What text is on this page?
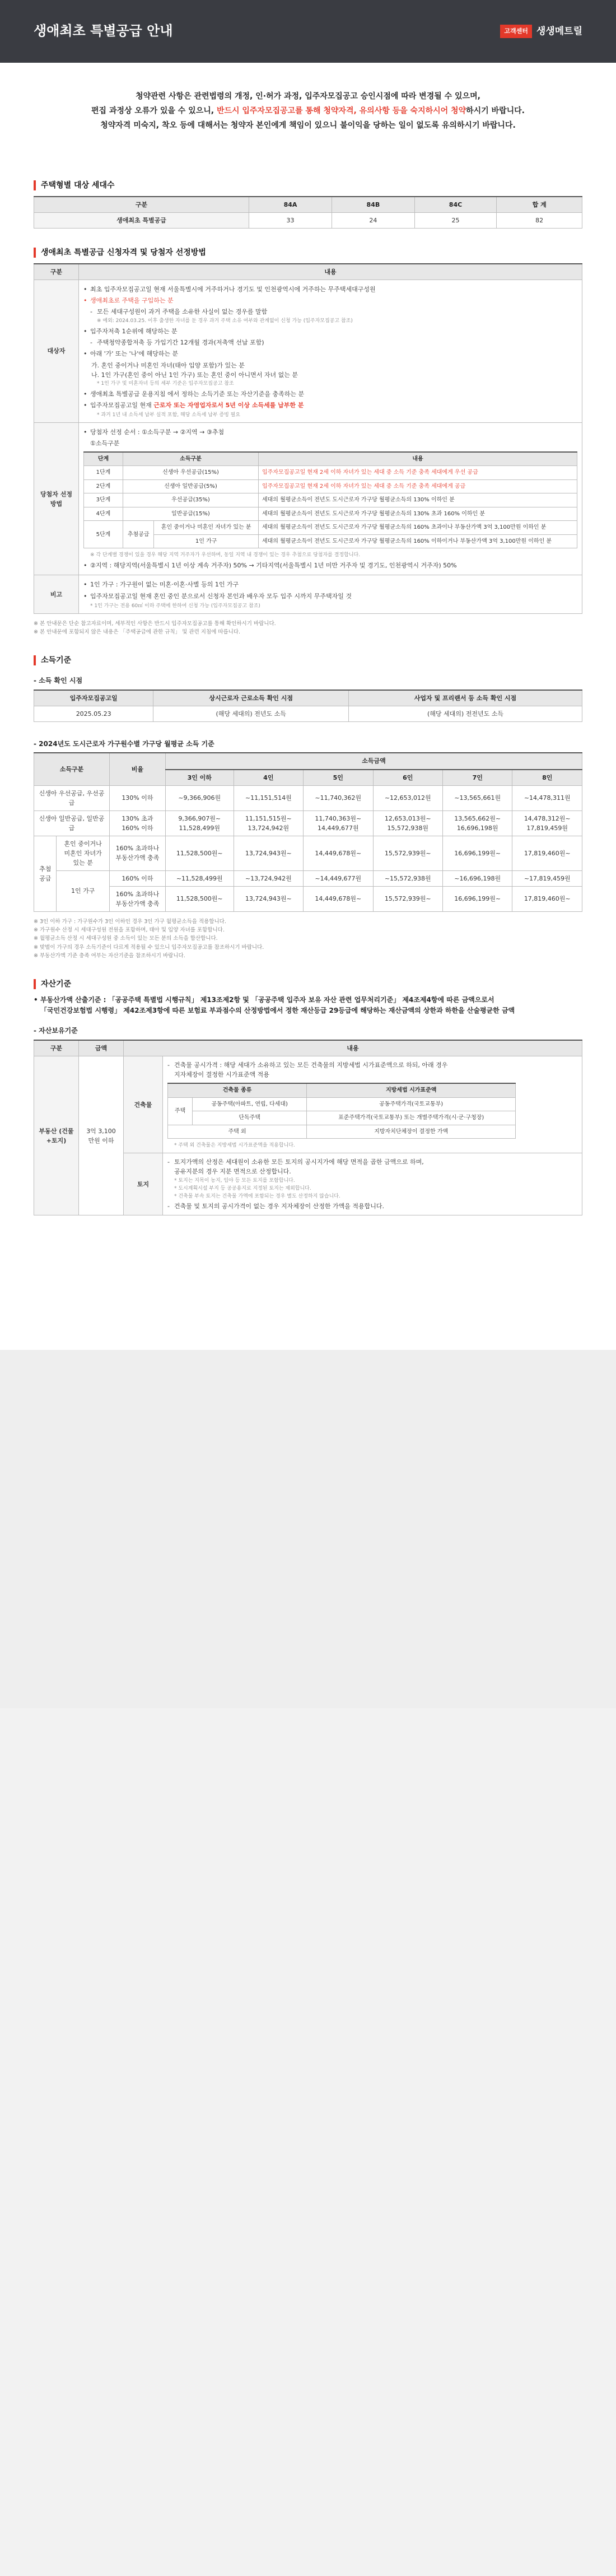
생애최초 특별공급 안내	고객센터 생생메트릴

청약관련 사항은 관련법령의 개정, 인·허가 과정, 입주자모집공고 승인시점에 따라 변경될 수 있으며,

편집 과정상 오류가 있을 수 있으니, 반드시 입주자모집공고를 통해 청약자격, 유의사항 등을 숙지하시어 청약하시기 바랍니다.

청약자격 미숙지, 착오 등에 대해서는 청약자 본인에게 책임이 있으니 불이익을 당하는 일이 없도록 유의하시기 바랍니다.

주택형별 대상 세대수
구분	84A	84B	84C	합 계
생애최초 특별공급	33	24	25	82
생애최초 특별공급 신청자격 및 당첨자 선정방법
구분	내용
대상자	
• 최초 입주자모집공고일 현재 서울특별시에 거주하거나 경기도 및 인천광역시에 거주하는 무주택세대구성원
• 생애최초로 주택을 구입하는 분
- 모든 세대구성원이 과거 주택을 소유한 사실이 없는 경우를 말함

※ 예외: 2024.03.25. 이후 출생한 자녀를 둔 경우 과거 주택 소유 여부와 관계없이 신청 가능 (입주자모집공고 참조)

• 입주자저축 1순위에 해당하는 분
- 주택청약종합저축 등 가입기간 12개월 경과(저축액 선납 포함)
• 아래 '가' 또는 '나'에 해당하는 분

가. 혼인 중이거나 미혼인 자녀(태아 입양 포함)가 있는 분

나. 1인 가구(혼인 중이 아닌 1인 가구) 또는 혼인 중이 아니면서 자녀 없는 분

* 1인 가구 및 미혼자녀 등의 세부 기준은 입주자모집공고 참조

• 생애최초 특별공급 운용지침 에서 정하는 소득기준 또는 자산기준을 충족하는 분
• 입주자모집공고일 현재 근로자 또는 자영업자로서 5년 이상 소득세를 납부한 분

* 과거 1년 내 소득세 납부 실적 포함, 해당 소득세 납부 증빙 필요

당첨자 선정방법	
• 당첨자 선정 순서 : ①소득구분 → ②지역 → ③추첨

①소득구분

단계	소득구분	내용
1단계	신생아 우선공급(15%)	입주자모집공고일 현재 2세 이하 자녀가 있는 세대 중 소득 기준 충족 세대에게 우선 공급
2단계	신생아 일반공급(5%)	입주자모집공고일 현재 2세 이하 자녀가 있는 세대 중 소득 기준 충족 세대에게 공급
3단계	우선공급(35%)	세대의 월평균소득이 전년도 도시근로자 가구당 월평균소득의 130% 이하인 분
4단계	일반공급(15%)	세대의 월평균소득이 전년도 도시근로자 가구당 월평균소득의 130% 초과 160% 이하인 분
5단계	추첨공급	혼인 중이거나 미혼인 자녀가 있는 분	세대의 월평균소득이 전년도 도시근로자 가구당 월평균소득의 160% 초과이나 부동산가액 3억 3,100만원 이하인 분
1인 가구	세대의 월평균소득이 전년도 도시근로자 가구당 월평균소득의 160% 이하이거나 부동산가액 3억 3,100만원 이하인 분

※ 각 단계별 경쟁이 있을 경우 해당 지역 거주자가 우선하며, 동일 지역 내 경쟁이 있는 경우 추첨으로 당첨자를 결정합니다.

• ②지역 : 해당지역(서울특별시 1년 이상 계속 거주자) 50% → 기타지역(서울특별시 1년 미만 거주자 및 경기도, 인천광역시 거주자) 50%

비고	
• 1인 가구 : 가구원이 없는 미혼·이혼·사별 등의 1인 가구
• 입주자모집공고일 현재 혼인 중인 분으로서 신청자 본인과 배우자 모두 입주 시까지 무주택자일 것

* 1인 가구는 전용 60㎡ 이하 주택에 한하여 신청 가능 (입주자모집공고 참조)

※ 본 안내문은 단순 참고자료이며, 세부적인 사항은 반드시 입주자모집공고를 통해 확인하시기 바랍니다.

※ 본 안내문에 포함되지 않은 내용은 「주택공급에 관한 규칙」 및 관련 지침에 따릅니다.

소득기준
- 소득 확인 시점
입주자모집공고일	상시근로자 근로소득 확인 시점	사업자 및 프리랜서 등 소득 확인 시점
2025.05.23	(해당 세대의) 전년도 소득	(해당 세대의) 전전년도 소득
- 2024년도 도시근로자 가구원수별 가구당 월평균 소득 기준
소득구분		비율	소득금액					
			3인 이하	4인	5인	6인	7인	8인
신생아 우선공급, 우선공급		130% 이하	~9,366,906원	~11,151,514원	~11,740,362원	~12,653,012원	~13,565,661원	~14,478,311원
신생아 일반공급, 일반공급		130% 초과 160% 이하	9,366,907원~ 11,528,499원	11,151,515원~ 13,724,942원	11,740,363원~ 14,449,677원	12,653,013원~ 15,572,938원	13,565,662원~ 16,696,198원	14,478,312원~ 17,819,459원
추첨공급	혼인 중이거나 미혼인 자녀가 있는 분	160% 초과하나 부동산가액 충족	11,528,500원~	13,724,943원~	14,449,678원~	15,572,939원~	16,696,199원~	17,819,460원~
	1인 가구	160% 이하	~11,528,499원	~13,724,942원	~14,449,677원	~15,572,938원	~16,696,198원	~17,819,459원
		160% 초과하나 부동산가액 충족	11,528,500원~	13,724,943원~	14,449,678원~	15,572,939원~	16,696,199원~	17,819,460원~

※ 3인 이하 가구 : 가구원수가 3인 이하인 경우 3인 가구 월평균소득을 적용합니다.

※ 가구원수 산정 시 세대구성원 전원을 포함하며, 태아 및 입양 자녀를 포함합니다.

※ 월평균소득 산정 시 세대구성원 중 소득이 있는 모든 분의 소득을 합산합니다.

※ 맞벌이 가구의 경우 소득기준이 다르게 적용될 수 있으니 입주자모집공고를 참조하시기 바랍니다.

※ 부동산가액 기준 충족 여부는 자산기준을 참조하시기 바랍니다.

자산기준
• 부동산가액 산출기준 : 「공공주택 특별법 시행규칙」 제13조제2항 및 「공공주택 입주자 보유 자산 관련 업무처리기준」 제4조제4항에 따른 금액으로서
「국민건강보험법 시행령」 제42조제3항에 따른 보험료 부과점수의 산정방법에서 정한 재산등급 29등급에 해당하는 재산금액의 상한과 하한을 산술평균한 금액
- 자산보유기준
구분	금액	내용
부동산 (건물+토지)	3억 3,100만원 이하	건축물	
- 건축물 공시가격 : 해당 세대가 소유하고 있는 모든 건축물의 지방세법 시가표준액으로 하되, 아래 경우
지자체장이 결정한 시가표준액 적용
건축물 종류	지방세법 시가표준액
주택	공동주택(아파트, 연립, 다세대)	공동주택가격(국토교통부)
단독주택	표준주택가격(국토교통부) 또는 개별주택가격(시·군·구청장)
주택 외	지방자치단체장이 결정한 가액

* 주택 외 건축물은 지방세법 시가표준액을 적용합니다.

토지	
- 토지가액의 산정은 세대원이 소유한 모든 토지의 공시지가에 해당 면적을 곱한 금액으로 하며,
공유지분의 경우 지분 면적으로 산정합니다.

* 토지는 지목이 농지, 임야 등 모든 토지를 포함합니다.

* 도시계획시설 부지 등 공공용지로 지정된 토지는 제외합니다.

* 건축물 부속 토지는 건축물 가액에 포함되는 경우 별도 산정하지 않습니다.

- 건축물 및 토지의 공시가격이 없는 경우 지자체장이 산정한 가액을 적용합니다.
